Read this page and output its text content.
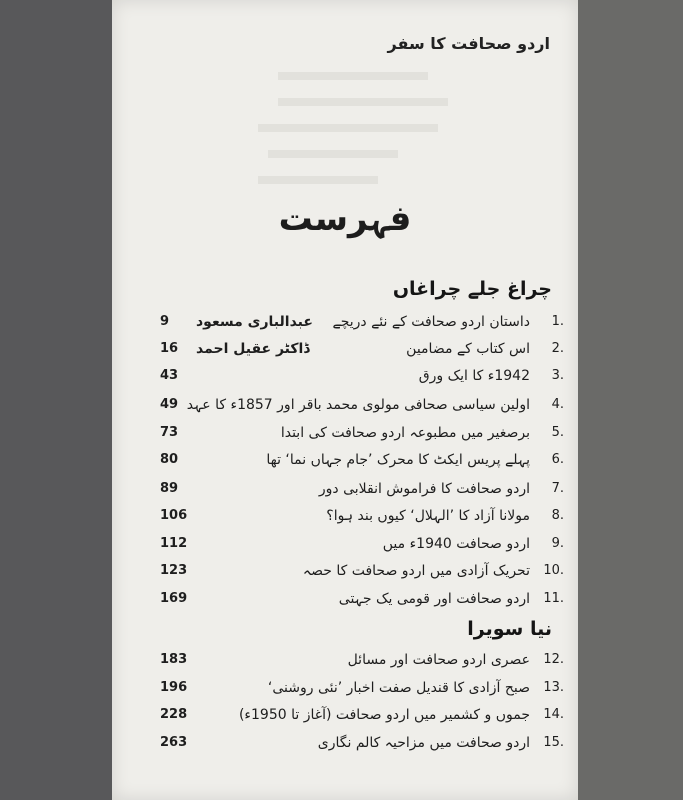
اردو صحافت کا سفر
فہرست
چراغ جلے چراغاں
1.
داستان اردو صحافت کے نئے دریچے
عبدالباری مسعود
9
2.
اس کتاب کے مضامین
ڈاکٹر عقیل احمد
16
3.
1942ء کا ایک ورق
43
4.
اولین سیاسی صحافی مولوی محمد باقر اور 1857ء کا عہد
49
5.
برصغیر میں مطبوعہ اردو صحافت کی ابتدا
73
6.
پہلے پریس ایکٹ کا محرک ’جام جہاں نما‘ تھا
80
7.
اردو صحافت کا فراموش انقلابی دور
89
8.
مولانا آزاد کا ’الہلال‘ کیوں بند ہوا؟
106
9.
اردو صحافت 1940ء میں
112
10.
تحریک آزادی میں اردو صحافت کا حصہ
123
11.
اردو صحافت اور قومی یک جہتی
169
نیا سویرا
12.
عصری اردو صحافت اور مسائل
183
13.
صبح آزادی کا قندیل صفت اخبار ’نئی روشنی‘
196
14.
جموں و کشمیر میں اردو صحافت (آغاز تا 1950ء)
228
15.
اردو صحافت میں مزاحیہ کالم نگاری
263
